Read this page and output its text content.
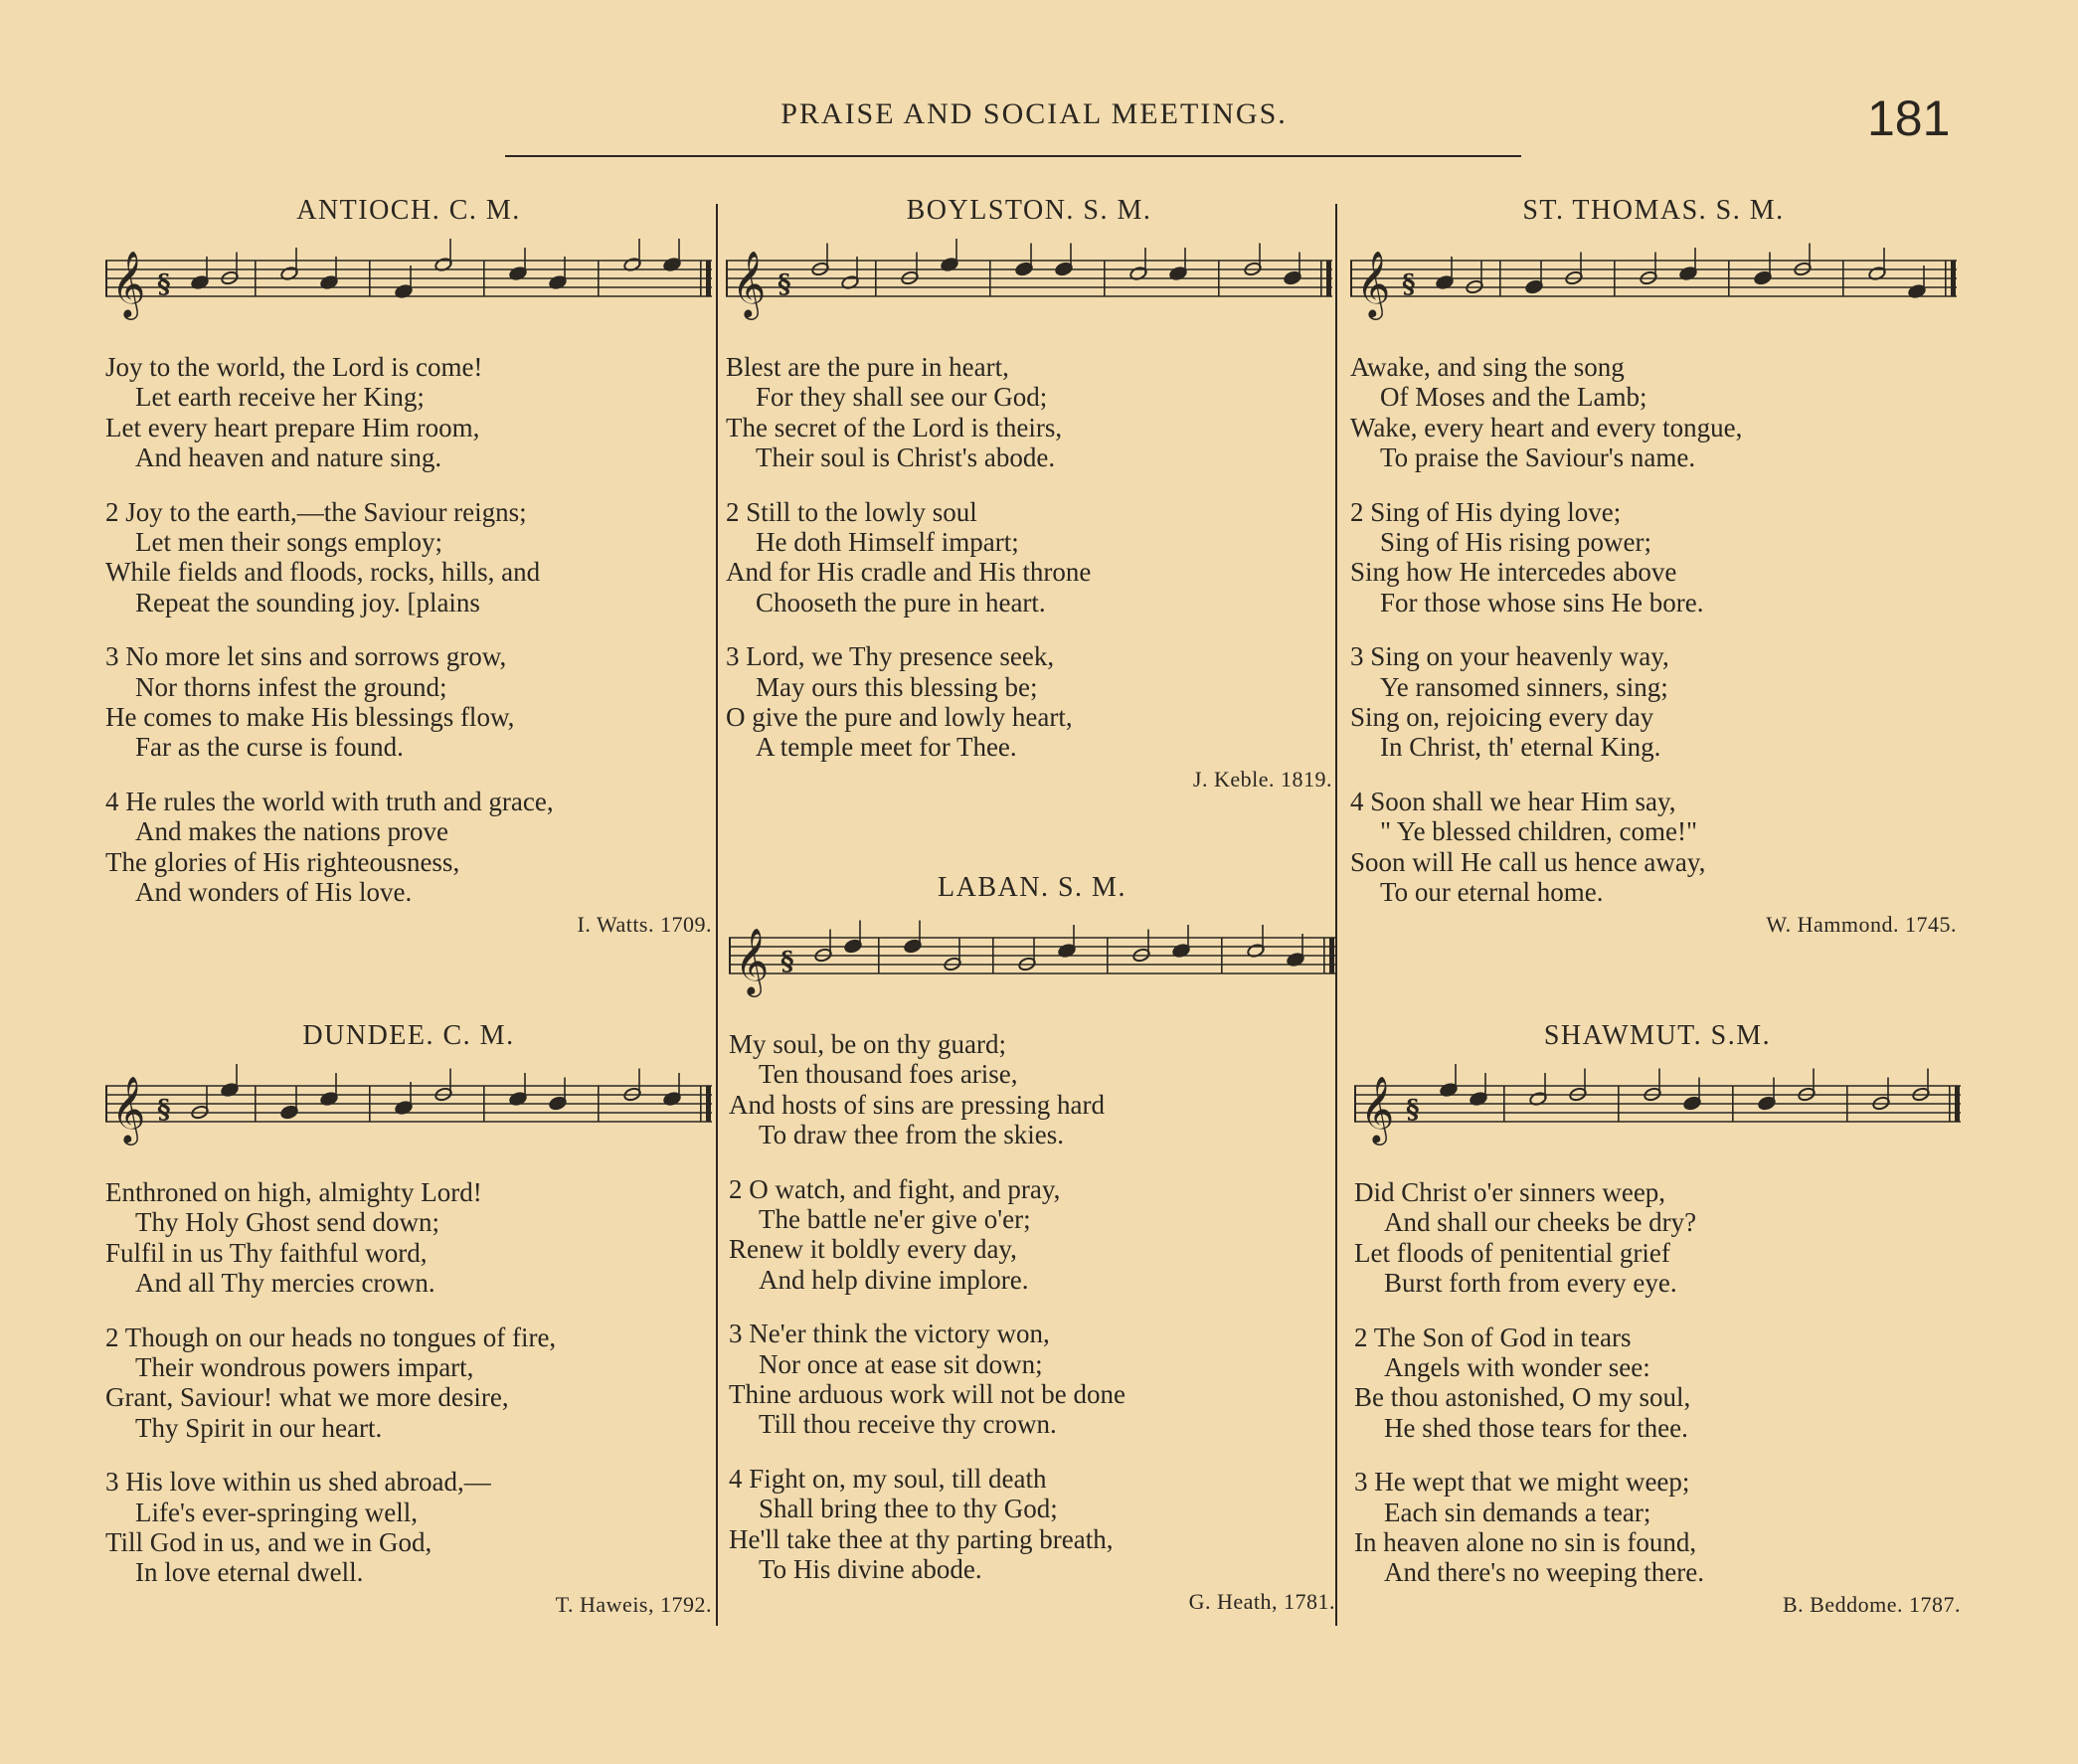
PRAISE AND SOCIAL MEETINGS.	181
ANTIOCH. C. M.
𝄞 §
Joy to the world, the Lord is come!
Let earth receive her King;
Let every heart prepare Him room,
And heaven and nature sing.
2 Joy to the earth,—the Saviour reigns;
Let men their songs employ;
While fields and floods, rocks, hills, and
Repeat the sounding joy. [plains
3 No more let sins and sorrows grow,
Nor thorns infest the ground;
He comes to make His blessings flow,
Far as the curse is found.
4 He rules the world with truth and grace,
And makes the nations prove
The glories of His righteousness,
And wonders of His love.
I. Watts. 1709.
DUNDEE. C. M.
𝄞 §
Enthroned on high, almighty Lord!
Thy Holy Ghost send down;
Fulfil in us Thy faithful word,
And all Thy mercies crown.
2 Though on our heads no tongues of fire,
Their wondrous powers impart,
Grant, Saviour! what we more desire,
Thy Spirit in our heart.
3 His love within us shed abroad,—
Life's ever-springing well,
Till God in us, and we in God,
In love eternal dwell.
T. Haweis, 1792.
BOYLSTON. S. M.
𝄞 §
Blest are the pure in heart,
For they shall see our God;
The secret of the Lord is theirs,
Their soul is Christ's abode.
2 Still to the lowly soul
He doth Himself impart;
And for His cradle and His throne
Chooseth the pure in heart.
3 Lord, we Thy presence seek,
May ours this blessing be;
O give the pure and lowly heart,
A temple meet for Thee.
J. Keble. 1819.
LABAN. S. M.
𝄞 §
My soul, be on thy guard;
Ten thousand foes arise,
And hosts of sins are pressing hard
To draw thee from the skies.
2 O watch, and fight, and pray,
The battle ne'er give o'er;
Renew it boldly every day,
And help divine implore.
3 Ne'er think the victory won,
Nor once at ease sit down;
Thine arduous work will not be done
Till thou receive thy crown.
4 Fight on, my soul, till death
Shall bring thee to thy God;
He'll take thee at thy parting breath,
To His divine abode.
G. Heath, 1781.
ST. THOMAS. S. M.
𝄞 §
Awake, and sing the song
Of Moses and the Lamb;
Wake, every heart and every tongue,
To praise the Saviour's name.
2 Sing of His dying love;
Sing of His rising power;
Sing how He intercedes above
For those whose sins He bore.
3 Sing on your heavenly way,
Ye ransomed sinners, sing;
Sing on, rejoicing every day
In Christ, th' eternal King.
4 Soon shall we hear Him say,
" Ye blessed children, come!"
Soon will He call us hence away,
To our eternal home.
W. Hammond. 1745.
SHAWMUT. S.M.
𝄞 §
Did Christ o'er sinners weep,
And shall our cheeks be dry?
Let floods of penitential grief
Burst forth from every eye.
2 The Son of God in tears
Angels with wonder see:
Be thou astonished, O my soul,
He shed those tears for thee.
3 He wept that we might weep;
Each sin demands a tear;
In heaven alone no sin is found,
And there's no weeping there.
B. Beddome. 1787.
